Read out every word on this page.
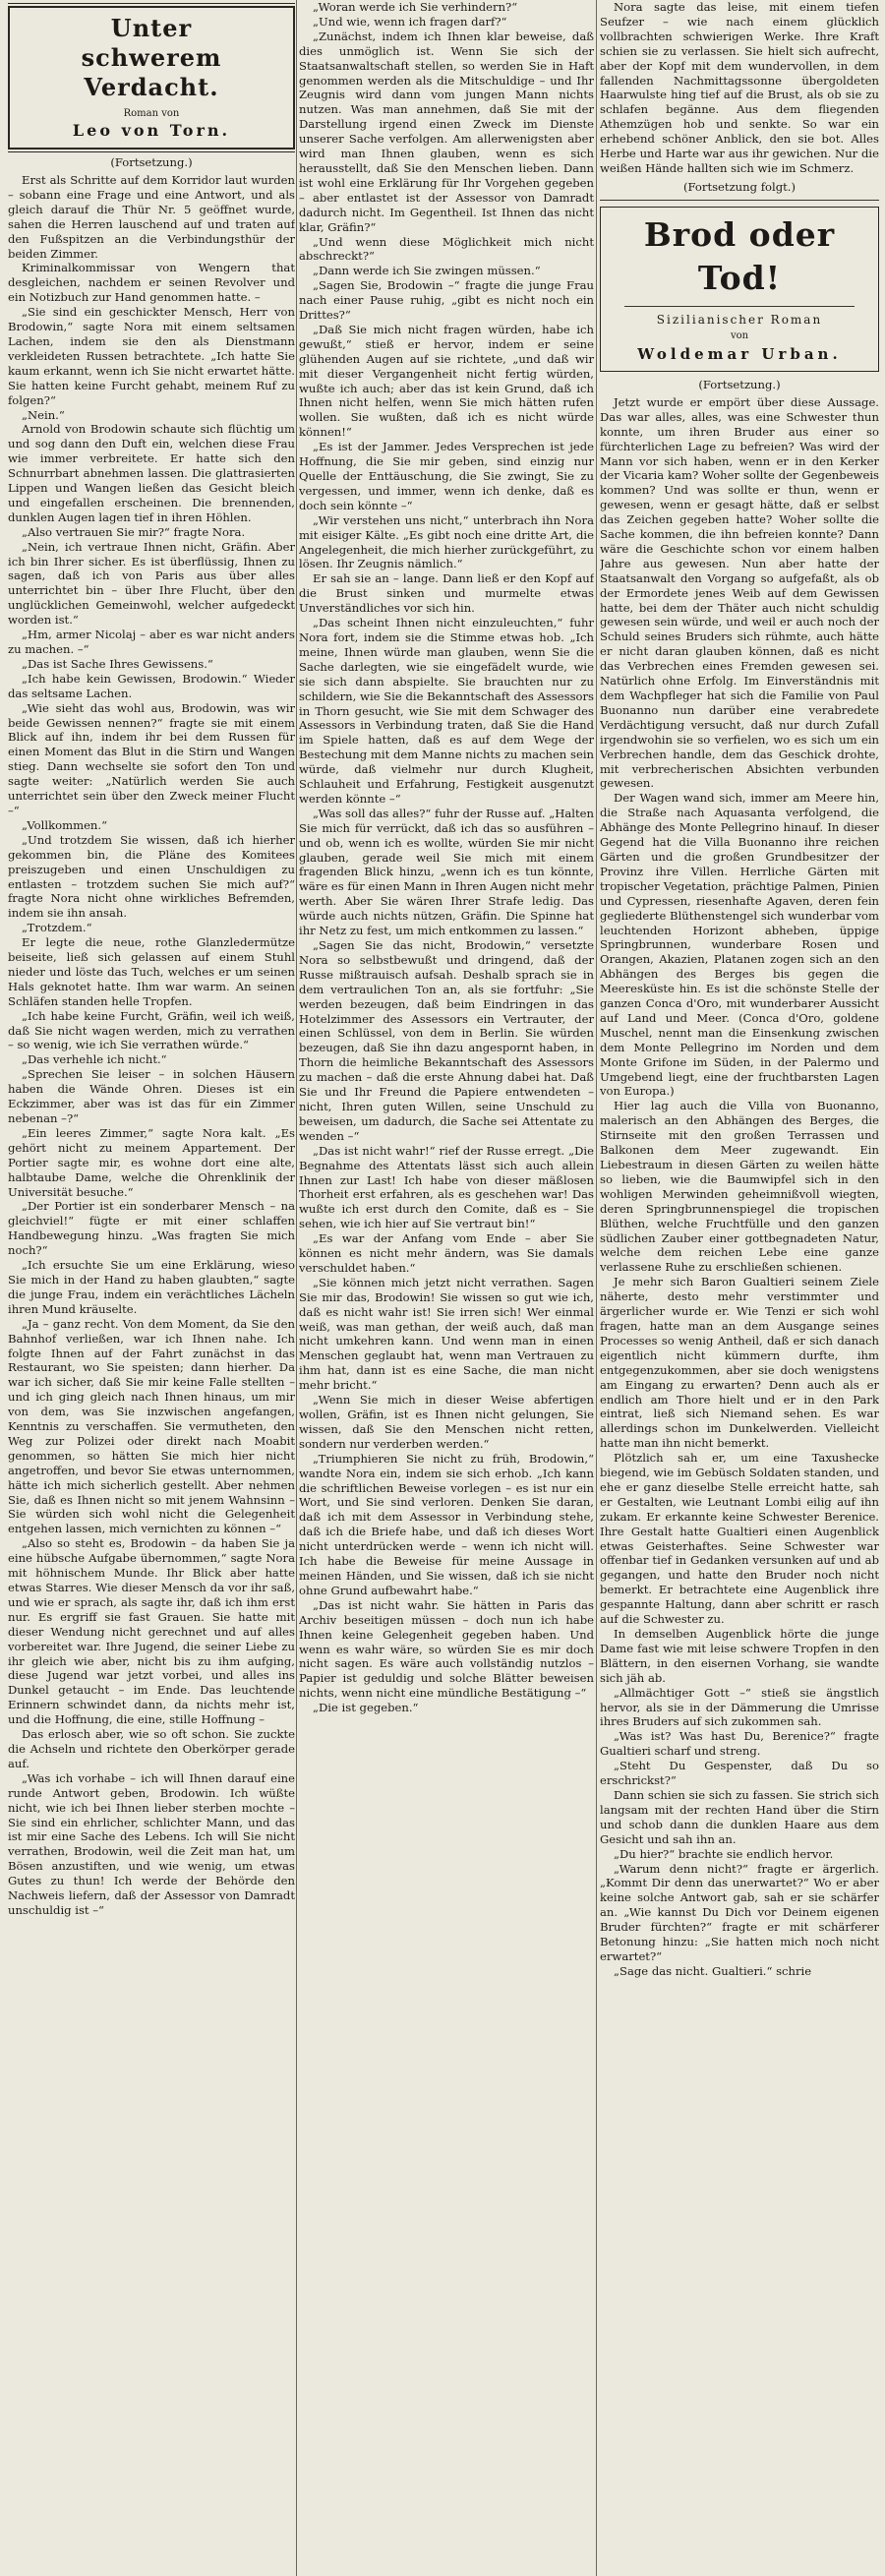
Unter
schwerem Verdacht.
Roman von
Leo von Torn.
(Fortsetzung.)

Erst als Schritte auf dem Korridor laut wurden – sobann eine Frage und eine Antwort, und als gleich darauf die Thür Nr. 5 geöffnet wurde, sahen die Herren lauschend auf und traten auf den Fußspitzen an die Verbindungsthür der beiden Zimmer.

Kriminalkommissar von Wengern that desgleichen, nachdem er seinen Revolver und ein Notizbuch zur Hand genommen hatte. –

„Sie sind ein geschickter Mensch, Herr von Brodowin,“ sagte Nora mit einem seltsamen Lachen, indem sie den als Dienstmann verkleideten Russen betrachtete. „Ich hatte Sie kaum erkannt, wenn ich Sie nicht erwartet hätte. Sie hatten keine Furcht gehabt, meinem Ruf zu folgen?“

„Nein.“

Arnold von Brodowin schaute sich flüchtig um und sog dann den Duft ein, welchen diese Frau wie immer verbreitete. Er hatte sich den Schnurrbart abnehmen lassen. Die glattrasierten Lippen und Wangen ließen das Gesicht bleich und eingefallen erscheinen. Die brennenden, dunklen Augen lagen tief in ihren Höhlen.

„Also vertrauen Sie mir?“ fragte Nora.

„Nein, ich vertraue Ihnen nicht, Gräfin. Aber ich bin Ihrer sicher. Es ist überflüssig, Ihnen zu sagen, daß ich von Paris aus über alles unterrichtet bin – über Ihre Flucht, über den unglücklichen Gemeinwohl, welcher aufgedeckt worden ist.“

„Hm, armer Nicolaj – aber es war nicht anders zu machen. –“

„Das ist Sache Ihres Gewissens.“

„Ich habe kein Gewissen, Brodowin.“ Wieder das seltsame Lachen.

„Wie sieht das wohl aus, Brodowin, was wir beide Gewissen nennen?“ fragte sie mit einem Blick auf ihn, indem ihr bei dem Russen für einen Moment das Blut in die Stirn und Wangen stieg. Dann wechselte sie sofort den Ton und sagte weiter: „Natürlich werden Sie auch unterrichtet sein über den Zweck meiner Flucht –“

„Vollkommen.“

„Und trotzdem Sie wissen, daß ich hierher gekommen bin, die Pläne des Komitees preiszugeben und einen Unschuldigen zu entlasten – trotzdem suchen Sie mich auf?“ fragte Nora nicht ohne wirkliches Befremden, indem sie ihn ansah.

„Trotzdem.“

Er legte die neue, rothe Glanzledermütze beiseite, ließ sich gelassen auf einem Stuhl nieder und löste das Tuch, welches er um seinen Hals geknotet hatte. Ihm war warm. An seinen Schläfen standen helle Tropfen.

„Ich habe keine Furcht, Gräfin, weil ich weiß, daß Sie nicht wagen werden, mich zu verrathen – so wenig, wie ich Sie verrathen würde.“

„Das verhehle ich nicht.“

„Sprechen Sie leiser – in solchen Häusern haben die Wände Ohren. Dieses ist ein Eckzimmer, aber was ist das für ein Zimmer nebenan –?“

„Ein leeres Zimmer,“ sagte Nora kalt. „Es gehört nicht zu meinem Appartement. Der Portier sagte mir, es wohne dort eine alte, halbtaube Dame, welche die Ohrenklinik der Universität besuche.“

„Der Portier ist ein sonderbarer Mensch – na gleichviel!“ fügte er mit einer schlaffen Handbewegung hinzu. „Was fragten Sie mich noch?“

„Ich ersuchte Sie um eine Erklärung, wieso Sie mich in der Hand zu haben glaubten,“ sagte die junge Frau, indem ein verächtliches Lächeln ihren Mund kräuselte.

„Ja – ganz recht. Von dem Moment, da Sie den Bahnhof verließen, war ich Ihnen nahe. Ich folgte Ihnen auf der Fahrt zunächst in das Restaurant, wo Sie speisten; dann hierher. Da war ich sicher, daß Sie mir keine Falle stellten – und ich ging gleich nach Ihnen hinaus, um mir von dem, was Sie inzwischen angefangen, Kenntnis zu verschaffen. Sie vermutheten, den Weg zur Polizei oder direkt nach Moabit genommen, so hätten Sie mich hier nicht angetroffen, und bevor Sie etwas unternommen, hätte ich mich sicherlich gestellt. Aber nehmen Sie, daß es Ihnen nicht so mit jenem Wahnsinn – Sie würden sich wohl nicht die Gelegenheit entgehen lassen, mich vernichten zu können –“

„Also so steht es, Brodowin – da haben Sie ja eine hübsche Aufgabe übernommen,“ sagte Nora mit höhnischem Munde. Ihr Blick aber hatte etwas Starres. Wie dieser Mensch da vor ihr saß, und wie er sprach, als sagte ihr, daß ich ihm erst nur. Es ergriff sie fast Grauen. Sie hatte mit dieser Wendung nicht gerechnet und auf alles vorbereitet war. Ihre Jugend, die seiner Liebe zu ihr gleich wie aber, nicht bis zu ihm aufging, diese Jugend war jetzt vorbei, und alles ins Dunkel getaucht – im Ende. Das leuchtende Erinnern schwindet dann, da nichts mehr ist, und die Hoffnung, die eine, stille Hoffnung –

Das erlosch aber, wie so oft schon. Sie zuckte die Achseln und richtete den Oberkörper gerade auf.

„Was ich vorhabe – ich will Ihnen darauf eine runde Antwort geben, Brodowin. Ich wüßte nicht, wie ich bei Ihnen lieber sterben mochte – Sie sind ein ehrlicher, schlichter Mann, und das ist mir eine Sache des Lebens. Ich will Sie nicht verrathen, Brodowin, weil die Zeit man hat, um Bösen anzustiften, und wie wenig, um etwas Gutes zu thun! Ich werde der Behörde den Nachweis liefern, daß der Assessor von Damradt unschuldig ist –“

„Woran werde ich Sie verhindern?“

„Und wie, wenn ich fragen darf?“

„Zunächst, indem ich Ihnen klar beweise, daß dies unmöglich ist. Wenn Sie sich der Staatsanwaltschaft stellen, so werden Sie in Haft genommen werden als die Mitschuldige – und Ihr Zeugnis wird dann vom jungen Mann nichts nutzen. Was man annehmen, daß Sie mit der Darstellung irgend einen Zweck im Dienste unserer Sache verfolgen. Am allerwenigsten aber wird man Ihnen glauben, wenn es sich herausstellt, daß Sie den Menschen lieben. Dann ist wohl eine Erklärung für Ihr Vorgehen gegeben – aber entlastet ist der Assessor von Damradt dadurch nicht. Im Gegentheil. Ist Ihnen das nicht klar, Gräfin?“

„Und wenn diese Möglichkeit mich nicht abschreckt?“

„Dann werde ich Sie zwingen müssen.“

„Sagen Sie, Brodowin –“ fragte die junge Frau nach einer Pause ruhig, „gibt es nicht noch ein Drittes?“

„Daß Sie mich nicht fragen würden, habe ich gewußt,“ stieß er hervor, indem er seine glühenden Augen auf sie richtete, „und daß wir mit dieser Vergangenheit nicht fertig würden, wußte ich auch; aber das ist kein Grund, daß ich Ihnen nicht helfen, wenn Sie mich hätten rufen wollen. Sie wußten, daß ich es nicht würde können!“

„Es ist der Jammer. Jedes Versprechen ist jede Hoffnung, die Sie mir geben, sind einzig nur Quelle der Enttäuschung, die Sie zwingt, Sie zu vergessen, und immer, wenn ich denke, daß es doch sein könnte –“

„Wir verstehen uns nicht,“ unterbrach ihn Nora mit eisiger Kälte. „Es gibt noch eine dritte Art, die Angelegenheit, die mich hierher zurückgeführt, zu lösen. Ihr Zeugnis nämlich.“

Er sah sie an – lange. Dann ließ er den Kopf auf die Brust sinken und murmelte etwas Unverständliches vor sich hin.

„Das scheint Ihnen nicht einzuleuchten,“ fuhr Nora fort, indem sie die Stimme etwas hob. „Ich meine, Ihnen würde man glauben, wenn Sie die Sache darlegten, wie sie eingefädelt wurde, wie sie sich dann abspielte. Sie brauchten nur zu schildern, wie Sie die Bekanntschaft des Assessors in Thorn gesucht, wie Sie mit dem Schwager des Assessors in Verbindung traten, daß Sie die Hand im Spiele hatten, daß es auf dem Wege der Bestechung mit dem Manne nichts zu machen sein würde, daß vielmehr nur durch Klugheit, Schlauheit und Erfahrung, Festigkeit ausgenutzt werden könnte –“

„Was soll das alles?“ fuhr der Russe auf. „Halten Sie mich für verrückt, daß ich das so ausführen – und ob, wenn ich es wollte, würden Sie mir nicht glauben, gerade weil Sie mich mit einem fragenden Blick hinzu, „wenn ich es tun könnte, wäre es für einen Mann in Ihren Augen nicht mehr werth. Aber Sie wären Ihrer Strafe ledig. Das würde auch nichts nützen, Gräfin. Die Spinne hat ihr Netz zu fest, um mich entkommen zu lassen.“

„Sagen Sie das nicht, Brodowin,“ versetzte Nora so selbstbewußt und dringend, daß der Russe mißtrauisch aufsah. Deshalb sprach sie in dem vertraulichen Ton an, als sie fortfuhr: „Sie werden bezeugen, daß beim Eindringen in das Hotelzimmer des Assessors ein Vertrauter, der einen Schlüssel, von dem in Berlin. Sie würden bezeugen, daß Sie ihn dazu angespornt haben, in Thorn die heimliche Bekanntschaft des Assessors zu machen – daß die erste Ahnung dabei hat. Daß Sie und Ihr Freund die Papiere entwendeten – nicht, Ihren guten Willen, seine Unschuld zu beweisen, um dadurch, die Sache sei Attentate zu wenden –“

„Das ist nicht wahr!“ rief der Russe erregt. „Die Begnahme des Attentats lässt sich auch allein Ihnen zur Last! Ich habe von dieser mäßlosen Thorheit erst erfahren, als es geschehen war! Das wußte ich erst durch den Comite, daß es – Sie sehen, wie ich hier auf Sie vertraut bin!“

„Es war der Anfang vom Ende – aber Sie können es nicht mehr ändern, was Sie damals verschuldet haben.“

„Sie können mich jetzt nicht verrathen. Sagen Sie mir das, Brodowin! Sie wissen so gut wie ich, daß es nicht wahr ist! Sie irren sich! Wer einmal weiß, was man gethan, der weiß auch, daß man nicht umkehren kann. Und wenn man in einen Menschen geglaubt hat, wenn man Vertrauen zu ihm hat, dann ist es eine Sache, die man nicht mehr bricht.“

„Wenn Sie mich in dieser Weise abfertigen wollen, Gräfin, ist es Ihnen nicht gelungen, Sie wissen, daß Sie den Menschen nicht retten, sondern nur verderben werden.“

„Triumphieren Sie nicht zu früh, Brodowin,“ wandte Nora ein, indem sie sich erhob. „Ich kann die schriftlichen Beweise vorlegen – es ist nur ein Wort, und Sie sind verloren. Denken Sie daran, daß ich mit dem Assessor in Verbindung stehe, daß ich die Briefe habe, und daß ich dieses Wort nicht unterdrücken werde – wenn ich nicht will. Ich habe die Beweise für meine Aussage in meinen Händen, und Sie wissen, daß ich sie nicht ohne Grund aufbewahrt habe.“

„Das ist nicht wahr. Sie hätten in Paris das Archiv beseitigen müssen – doch nun ich habe Ihnen keine Gelegenheit gegeben haben. Und wenn es wahr wäre, so würden Sie es mir doch nicht sagen. Es wäre auch vollständig nutzlos – Papier ist geduldig und solche Blätter beweisen nichts, wenn nicht eine mündliche Bestätigung –“

„Die ist gegeben.“

Nora sagte das leise, mit einem tiefen Seufzer – wie nach einem glücklich vollbrachten schwierigen Werke. Ihre Kraft schien sie zu verlassen. Sie hielt sich aufrecht, aber der Kopf mit dem wundervollen, in dem fallenden Nachmittagssonne übergoldeten Haarwulste hing tief auf die Brust, als ob sie zu schlafen begänne. Aus dem fliegenden Athemzügen hob und senkte. So war ein erhebend schöner Anblick, den sie bot. Alles Herbe und Harte war aus ihr gewichen. Nur die weißen Hände hallten sich wie im Schmerz.

(Fortsetzung folgt.)
Brod oder Tod!
Sizilianischer Roman
von
Woldemar Urban.
(Fortsetzung.)

Jetzt wurde er empört über diese Aussage. Das war alles, alles, was eine Schwester thun konnte, um ihren Bruder aus einer so fürchterlichen Lage zu befreien? Was wird der Mann vor sich haben, wenn er in den Kerker der Vicaria kam? Woher sollte der Gegenbeweis kommen? Und was sollte er thun, wenn er gewesen, wenn er gesagt hätte, daß er selbst das Zeichen gegeben hatte? Woher sollte die Sache kommen, die ihn befreien konnte? Dann wäre die Geschichte schon vor einem halben Jahre aus gewesen. Nun aber hatte der Staatsanwalt den Vorgang so aufgefaßt, als ob der Ermordete jenes Weib auf dem Gewissen hatte, bei dem der Thäter auch nicht schuldig gewesen sein würde, und weil er auch noch der Schuld seines Bruders sich rühmte, auch hätte er nicht daran glauben können, daß es nicht das Verbrechen eines Fremden gewesen sei. Natürlich ohne Erfolg. Im Einverständnis mit dem Wachpfleger hat sich die Familie von Paul Buonanno nun darüber eine verabredete Verdächtigung versucht, daß nur durch Zufall irgendwohin sie so verfielen, wo es sich um ein Verbrechen handle, dem das Geschick drohte, mit verbrecherischen Absichten verbunden gewesen.

Der Wagen wand sich, immer am Meere hin, die Straße nach Aquasanta verfolgend, die Abhänge des Monte Pellegrino hinauf. In dieser Gegend hat die Villa Buonanno ihre reichen Gärten und die großen Grundbesitzer der Provinz ihre Villen. Herrliche Gärten mit tropischer Vegetation, prächtige Palmen, Pinien und Cypressen, riesenhafte Agaven, deren fein gegliederte Blüthenstengel sich wunderbar vom leuchtenden Horizont abheben, üppige Springbrunnen, wunderbare Rosen und Orangen, Akazien, Platanen zogen sich an den Abhängen des Berges bis gegen die Meeresküste hin. Es ist die schönste Stelle der ganzen Conca d'Oro, mit wunderbarer Aussicht auf Land und Meer. (Conca d'Oro, goldene Muschel, nennt man die Einsenkung zwischen dem Monte Pellegrino im Norden und dem Monte Grifone im Süden, in der Palermo und Umgebend liegt, eine der fruchtbarsten Lagen von Europa.)

Hier lag auch die Villa von Buonanno, malerisch an den Abhängen des Berges, die Stirnseite mit den großen Terrassen und Balkonen dem Meer zugewandt. Ein Liebestraum in diesen Gärten zu weilen hätte so lieben, wie die Baumwipfel sich in den wohligen Merwinden geheimnißvoll wiegten, deren Springbrunnenspiegel die tropischen Blüthen, welche Fruchtfülle und den ganzen südlichen Zauber einer gottbegnadeten Natur, welche dem reichen Lebe eine ganze verlassene Ruhe zu erschließen schienen.

Je mehr sich Baron Gualtieri seinem Ziele näherte, desto mehr verstimmter und ärgerlicher wurde er. Wie Tenzi er sich wohl fragen, hatte man an dem Ausgange seines Processes so wenig Antheil, daß er sich danach eigentlich nicht kümmern durfte, ihm entgegenzukommen, aber sie doch wenigstens am Eingang zu erwarten? Denn auch als er endlich am Thore hielt und er in den Park eintrat, ließ sich Niemand sehen. Es war allerdings schon im Dunkelwerden. Vielleicht hatte man ihn nicht bemerkt.

Plötzlich sah er, um eine Taxushecke biegend, wie im Gebüsch Soldaten standen, und ehe er ganz dieselbe Stelle erreicht hatte, sah er Gestalten, wie Leutnant Lombi eilig auf ihn zukam. Er erkannte keine Schwester Berenice. Ihre Gestalt hatte Gualtieri einen Augenblick etwas Geisterhaftes. Seine Schwester war offenbar tief in Gedanken versunken auf und ab gegangen, und hatte den Bruder noch nicht bemerkt. Er betrachtete eine Augenblick ihre gespannte Haltung, dann aber schritt er rasch auf die Schwester zu.

In demselben Augenblick hörte die junge Dame fast wie mit leise schwere Tropfen in den Blättern, in den eisernen Vorhang, sie wandte sich jäh ab.

„Allmächtiger Gott –“ stieß sie ängstlich hervor, als sie in der Dämmerung die Umrisse ihres Bruders auf sich zukommen sah.

„Was ist? Was hast Du, Berenice?“ fragte Gualtieri scharf und streng.

„Steht Du Gespenster, daß Du so erschrickst?“

Dann schien sie sich zu fassen. Sie strich sich langsam mit der rechten Hand über die Stirn und schob dann die dunklen Haare aus dem Gesicht und sah ihn an.

„Du hier?“ brachte sie endlich hervor.

„Warum denn nicht?“ fragte er ärgerlich. „Kommt Dir denn das unerwartet?“ Wo er aber keine solche Antwort gab, sah er sie schärfer an. „Wie kannst Du Dich vor Deinem eigenen Bruder fürchten?“ fragte er mit schärferer Betonung hinzu: „Sie hatten mich noch nicht erwartet?“

„Sage das nicht. Gualtieri.“ schrie
